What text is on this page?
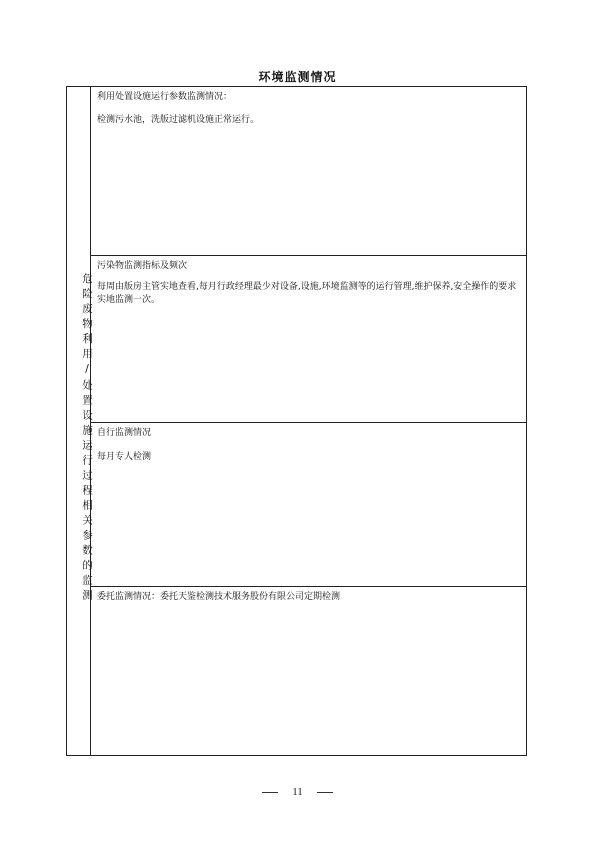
环境监测情况
危险废物利用/处置设施运行过程相关参数的监测
利用处置设施运行参数监测情况：
检测污水池，洗版过滤机设施正常运行。
污染物监测指标及频次
每周由版房主管实地查看,每月行政经理最少对设备,设施,环境监测等的运行管理,维护保养,安全操作的要求实地监测一次。
自行监测情况
每月专人检测
委托监测情况：委托天鉴检测技术服务股份有限公司定期检测
11
